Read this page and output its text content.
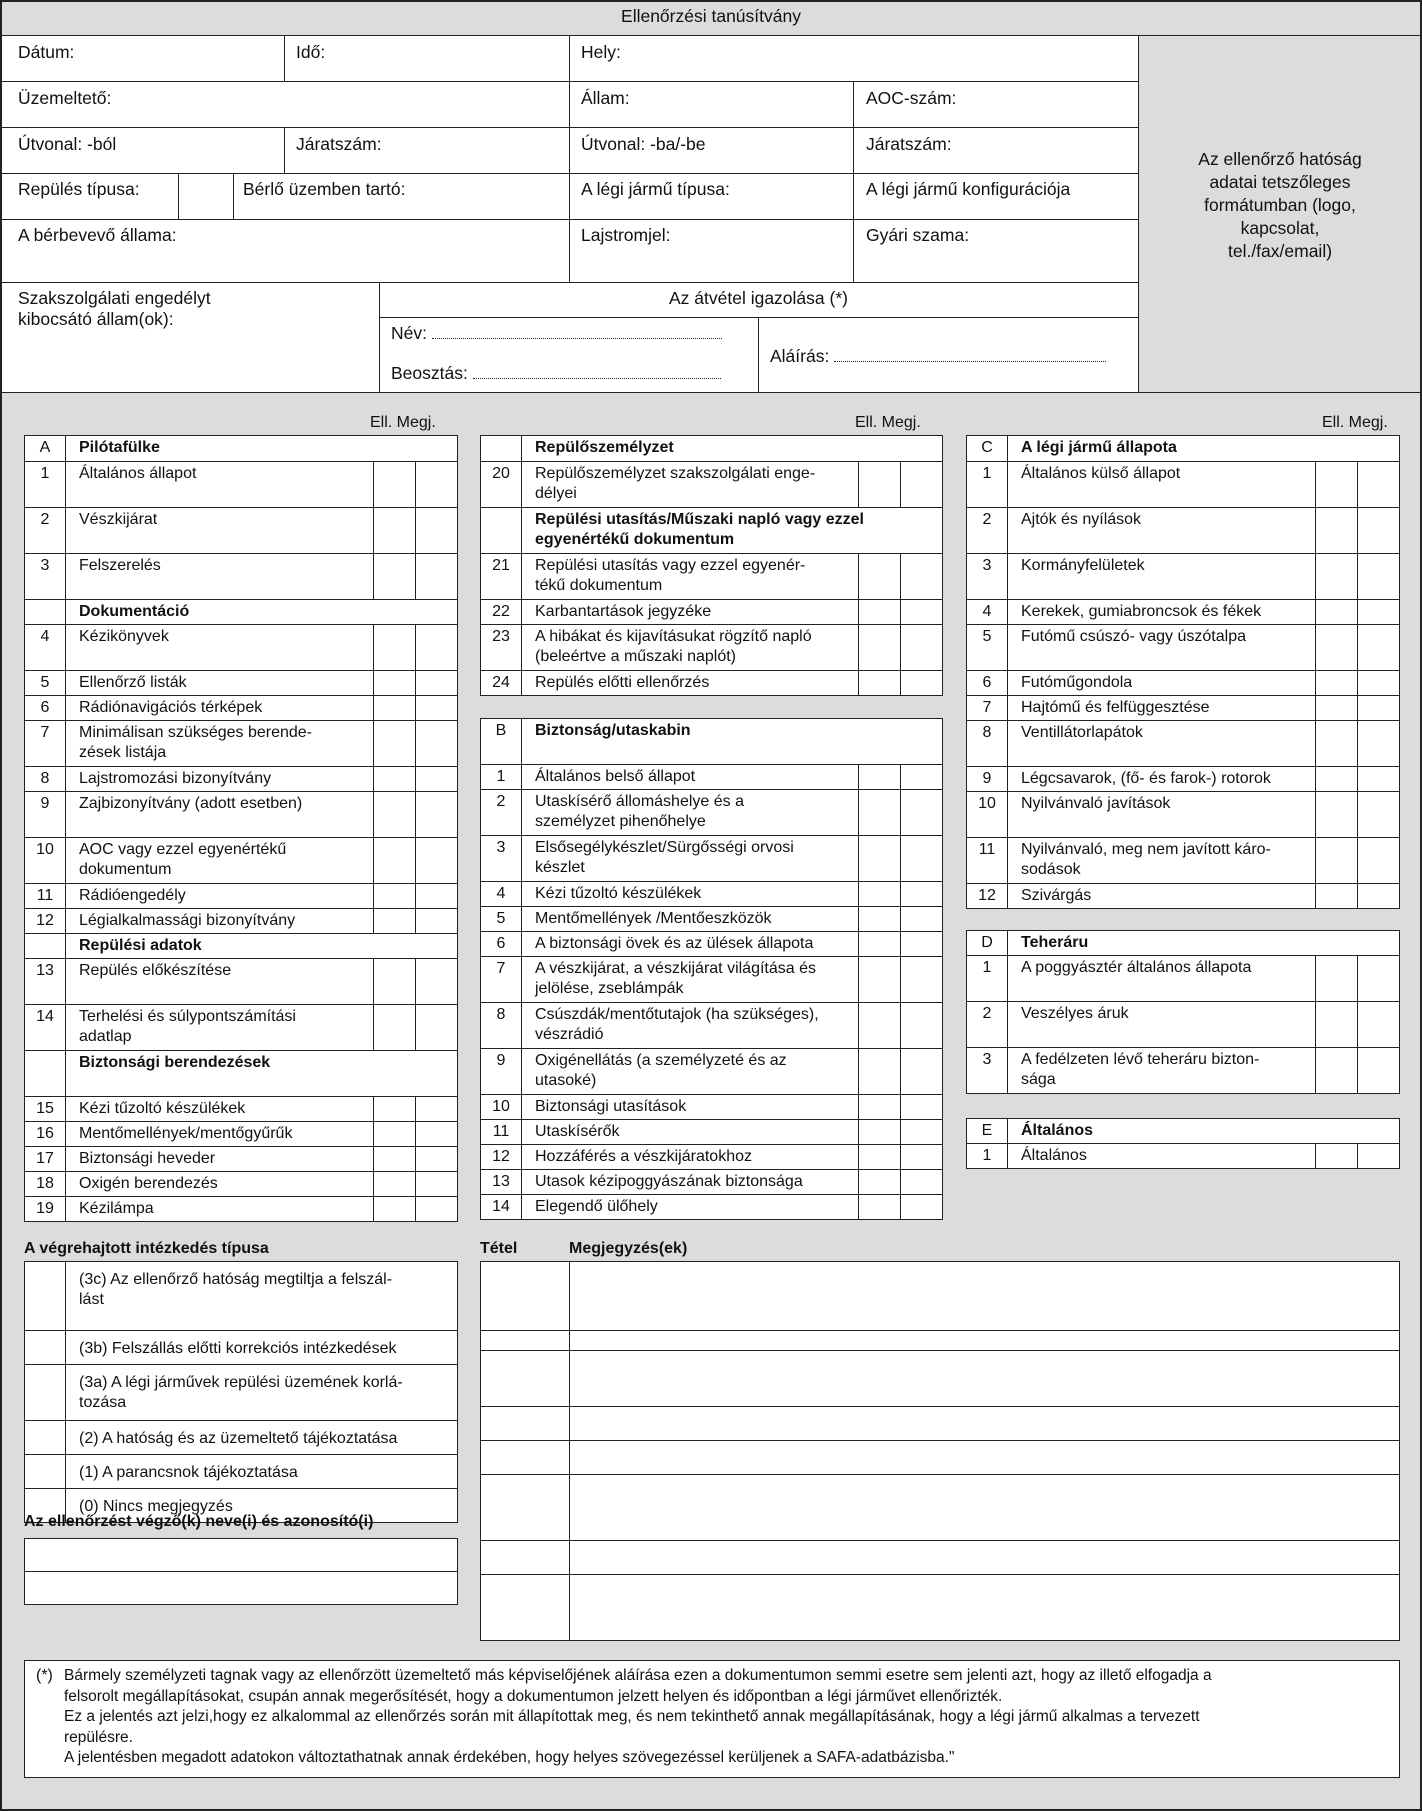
Ellenőrzési tanúsítvány
Dátum:	Idő:	Hely:
Üzemeltető:	Állam:	AOC-szám:
Útvonal: -ból	Járatszám:	Útvonal: -ba/-be	Járatszám:
Repülés típusa:	Bérlő üzemben tartó:	A légi jármű típusa:	A légi jármű konfigurációja
A bérbevevő állama:	Lajstromjel:	Gyári szama:
Az ellenőrző hatóság
adatai tetszőleges
formátumban (logo,
kapcsolat,
tel./fax/email)
Szakszolgálati engedélyt
kibocsátó állam(ok):
Az átvétel igazolása (*)
Név:
Beosztás:
Aláírás:
Ell. Megj.	Ell. Megj.	Ell. Megj.
A	Pilótafülke
1	Általános állapot
2	Vészkijárat
3	Felszerelés
Dokumentáció
4	Kézikönyvek
5	Ellenőrző listák
6	Rádiónavigációs térképek
7	Minimálisan szükséges berende-
zések listája
8	Lajstromozási bizonyítvány
9	Zajbizonyítvány (adott esetben)
10	AOC vagy ezzel egyenértékű
dokumentum
11	Rádióengedély
12	Légialkalmassági bizonyítvány
Repülési adatok
13	Repülés előkészítése
14	Terhelési és súlypontszámítási
adatlap
Biztonsági berendezések
15	Kézi tűzoltó készülékek
16	Mentőmellények/mentőgyűrűk
17	Biztonsági heveder
18	Oxigén berendezés
19	Kézilámpa
Repülőszemélyzet
20	Repülőszemélyzet szakszolgálati enge-
délyei
Repülési utasítás/Műszaki napló vagy ezzel
egyenértékű dokumentum
21	Repülési utasítás vagy ezzel egyenér-
tékű dokumentum
22	Karbantartások jegyzéke
23	A hibákat és kijavításukat rögzítő napló
(beleértve a műszaki naplót)
24	Repülés előtti ellenőrzés
B	Biztonság/utaskabin
1	Általános belső állapot
2	Utaskísérő állomáshelye és a
személyzet pihenőhelye
3	Elsősegélykészlet/Sürgősségi orvosi
készlet
4	Kézi tűzoltó készülékek
5	Mentőmellények /Mentőeszközök
6	A biztonsági övek és az ülések állapota
7	A vészkijárat, a vészkijárat világítása és
jelölése, zseblámpák
8	Csúszdák/mentőtutajok (ha szükséges),
vészrádió
9	Oxigénellátás (a személyzeté és az
utasoké)
10	Biztonsági utasítások
11	Utaskísérők
12	Hozzáférés a vészkijáratokhoz
13	Utasok kézipoggyászának biztonsága
14	Elegendő ülőhely
C	A légi jármű állapota
1	Általános külső állapot
2	Ajtók és nyílások
3	Kormányfelületek
4	Kerekek, gumiabroncsok és fékek
5	Futómű csúszó- vagy úszótalpa
6	Futóműgondola
7	Hajtómű és felfüggesztése
8	Ventillátorlapátok
9	Légcsavarok, (fő- és farok-) rotorok
10	Nyilvánvaló javítások
11	Nyilvánvaló, meg nem javított káro-
sodások
12	Szivárgás
D	Teheráru
1	A poggyásztér általános állapota
2	Veszélyes áruk
3	A fedélzeten lévő teheráru bizton-
sága
E	Általános
1	Általános
A végrehajtott intézkedés típusa	Tétel	Megjegyzés(ek)
(3c) Az ellenőrző hatóság megtiltja a felszál-
lást
(3b) Felszállás előtti korrekciós intézkedések
(3a) A légi járművek repülési üzemének korlá-
tozása
(2) A hatóság és az üzemeltető tájékoztatása
(1) A parancsnok tájékoztatása
(0) Nincs megjegyzés
Az ellenőrzést végző(k) neve(i) és azonosító(i)
(*) Bármely személyzeti tagnak vagy az ellenőrzött üzemeltető más képviselőjének aláírása ezen a dokumentumon semmi esetre sem jelenti azt, hogy az illető elfogadja a
felsorolt megállapításokat, csupán annak megerősítését, hogy a dokumentumon jelzett helyen és időpontban a légi járművet ellenőrizték.
Ez a jelentés azt jelzi,hogy ez alkalommal az ellenőrzés során mit állapítottak meg, és nem tekinthető annak megállapításának, hogy a légi jármű alkalmas a tervezett
repülésre.
A jelentésben megadott adatokon változtathatnak annak érdekében, hogy helyes szövegezéssel kerüljenek a SAFA-adatbázisba."
